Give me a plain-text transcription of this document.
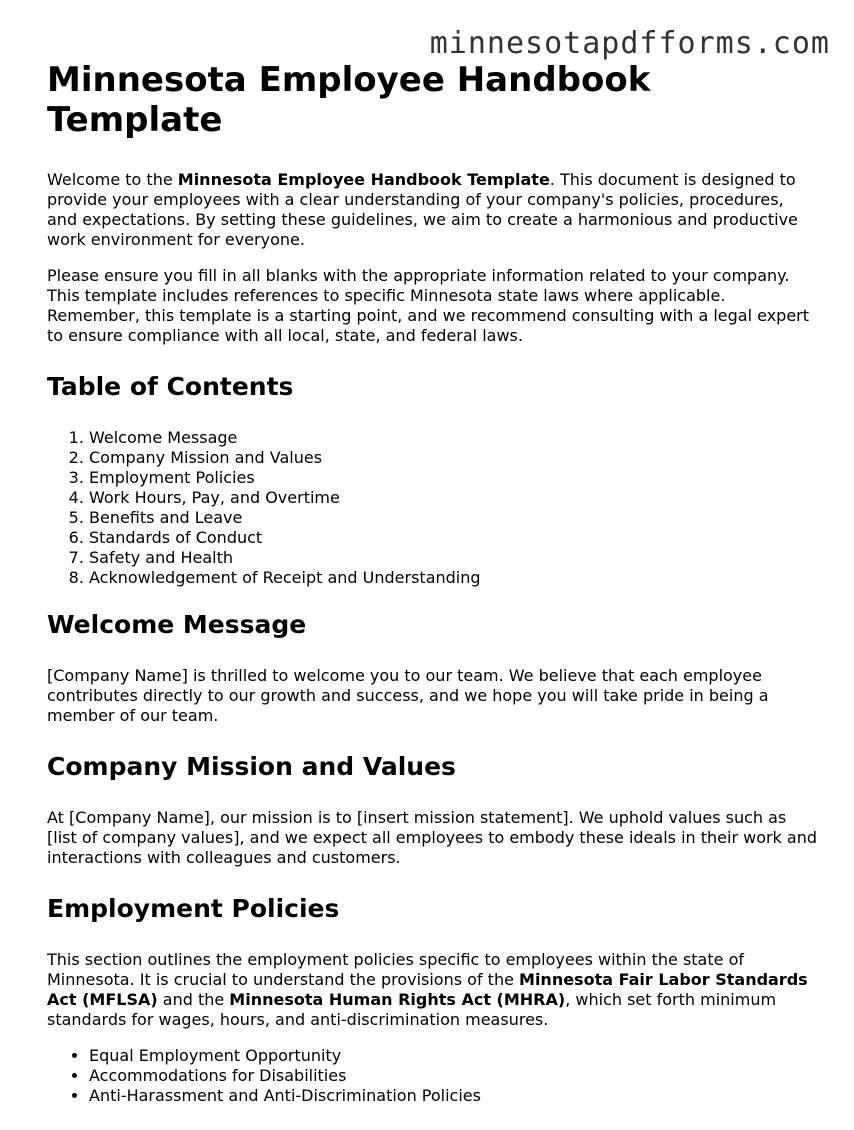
minnesotapdfforms.com
Minnesota Employee Handbook Template

Welcome to the Minnesota Employee Handbook Template. This document is designed to provide your employees with a clear understanding of your company's policies, procedures, and expectations. By setting these guidelines, we aim to create a harmonious and productive work environment for everyone.

Please ensure you fill in all blanks with the appropriate information related to your company. This template includes references to specific Minnesota state laws where applicable. Remember, this template is a starting point, and we recommend consulting with a legal expert to ensure compliance with all local, state, and federal laws.

Table of Contents
1. Welcome Message
2. Company Mission and Values
3. Employment Policies
4. Work Hours, Pay, and Overtime
5. Benefits and Leave
6. Standards of Conduct
7. Safety and Health
8. Acknowledgement of Receipt and Understanding
Welcome Message

[Company Name] is thrilled to welcome you to our team. We believe that each employee contributes directly to our growth and success, and we hope you will take pride in being a member of our team.

Company Mission and Values

At [Company Name], our mission is to [insert mission statement]. We uphold values such as [list of company values], and we expect all employees to embody these ideals in their work and interactions with colleagues and customers.

Employment Policies

This section outlines the employment policies specific to employees within the state of Minnesota. It is crucial to understand the provisions of the Minnesota Fair Labor Standards Act (MFLSA) and the Minnesota Human Rights Act (MHRA), which set forth minimum standards for wages, hours, and anti-discrimination measures.

• Equal Employment Opportunity
• Accommodations for Disabilities
• Anti-Harassment and Anti-Discrimination Policies
